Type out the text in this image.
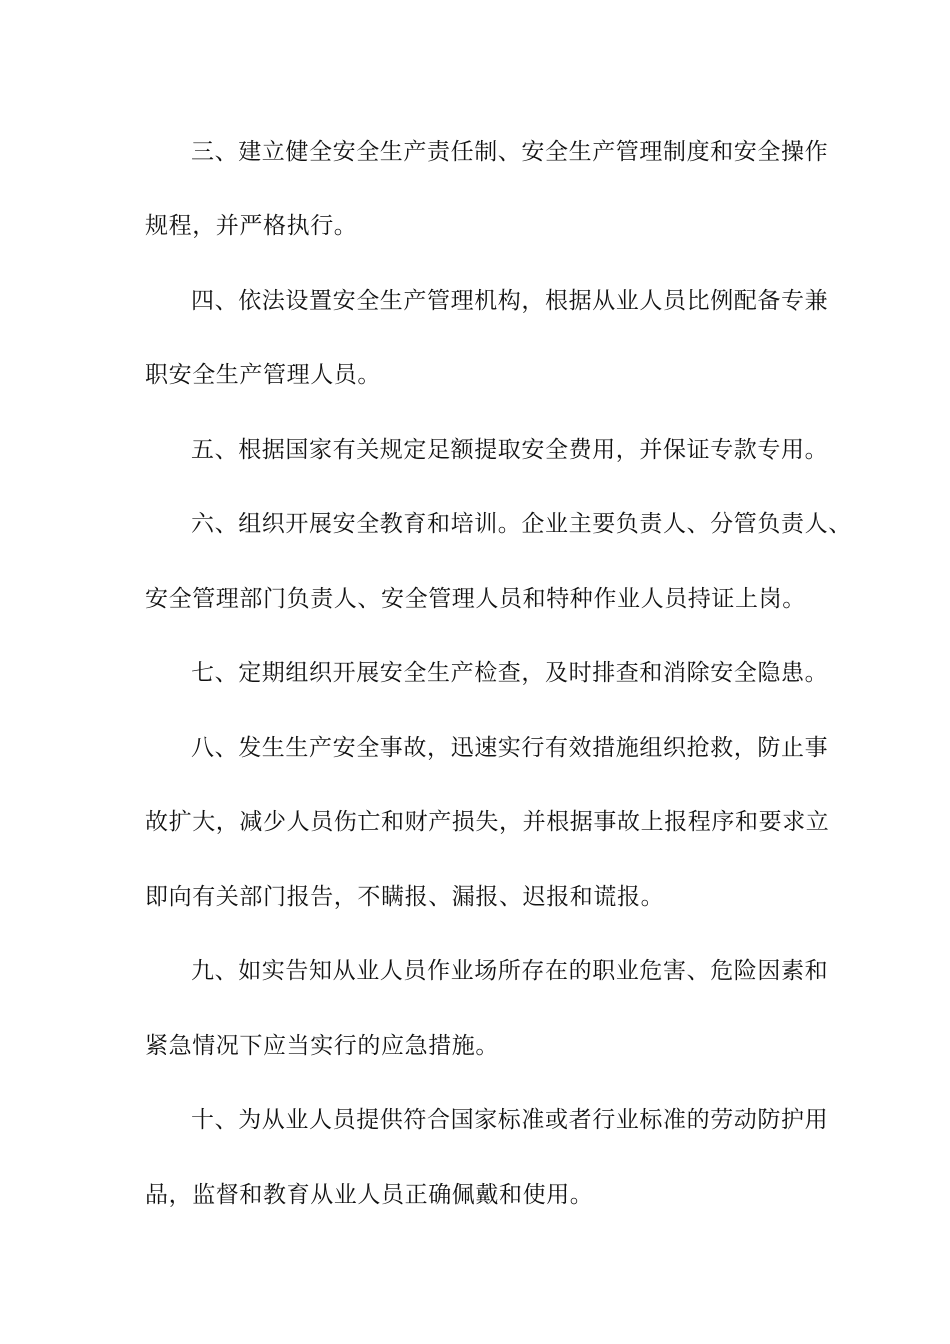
三、建立健全安全生产责任制、安全生产管理制度和安全操作
规程，并严格执行。
四、依法设置安全生产管理机构，根据从业人员比例配备专兼
职安全生产管理人员。
五、根据国家有关规定足额提取安全费用，并保证专款专用。
六、组织开展安全教育和培训。企业主要负责人、分管负责人、
安全管理部门负责人、安全管理人员和特种作业人员持证上岗。
七、定期组织开展安全生产检查，及时排查和消除安全隐患。
八、发生生产安全事故，迅速实行有效措施组织抢救，防止事
故扩大，减少人员伤亡和财产损失，并根据事故上报程序和要求立
即向有关部门报告，不瞒报、漏报、迟报和谎报。
九、如实告知从业人员作业场所存在的职业危害、危险因素和
紧急情况下应当实行的应急措施。
十、为从业人员提供符合国家标准或者行业标准的劳动防护用
品，监督和教育从业人员正确佩戴和使用。
